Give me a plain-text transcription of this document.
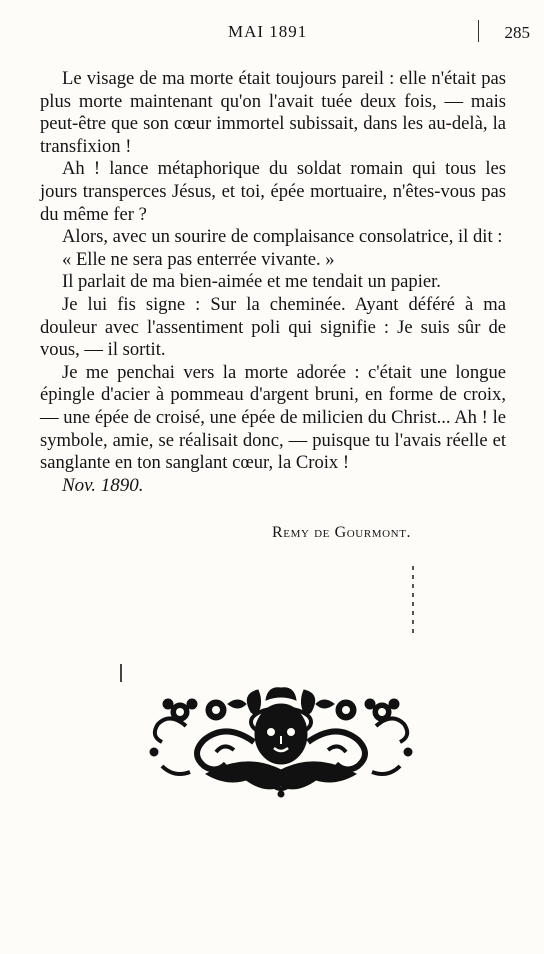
MAI 1891	285

Le visage de ma morte était toujours pareil : elle n'était pas plus morte maintenant qu'on l'avait tuée deux fois, — mais peut-être que son cœur immortel subissait, dans les au-delà, la transfixion !

Ah ! lance métaphorique du soldat romain qui tous les jours transperces Jésus, et toi, épée mortuaire, n'êtes-vous pas du même fer ?

Alors, avec un sourire de complaisance consolatrice, il dit :

« Elle ne sera pas enterrée vivante. »

Il parlait de ma bien-aimée et me tendait un papier.

Je lui fis signe : Sur la cheminée. Ayant déféré à ma douleur avec l'assentiment poli qui signifie : Je suis sûr de vous, — il sortit.

Je me penchai vers la morte adorée : c'était une longue épingle d'acier à pommeau d'argent bruni, en forme de croix, — une épée de croisé, une épée de milicien du Christ... Ah ! le symbole, amie, se réalisait donc, — puisque tu l'avais réelle et sanglante en ton sanglant cœur, la Croix !

Nov. 1890.

Remy de Gourmont.
